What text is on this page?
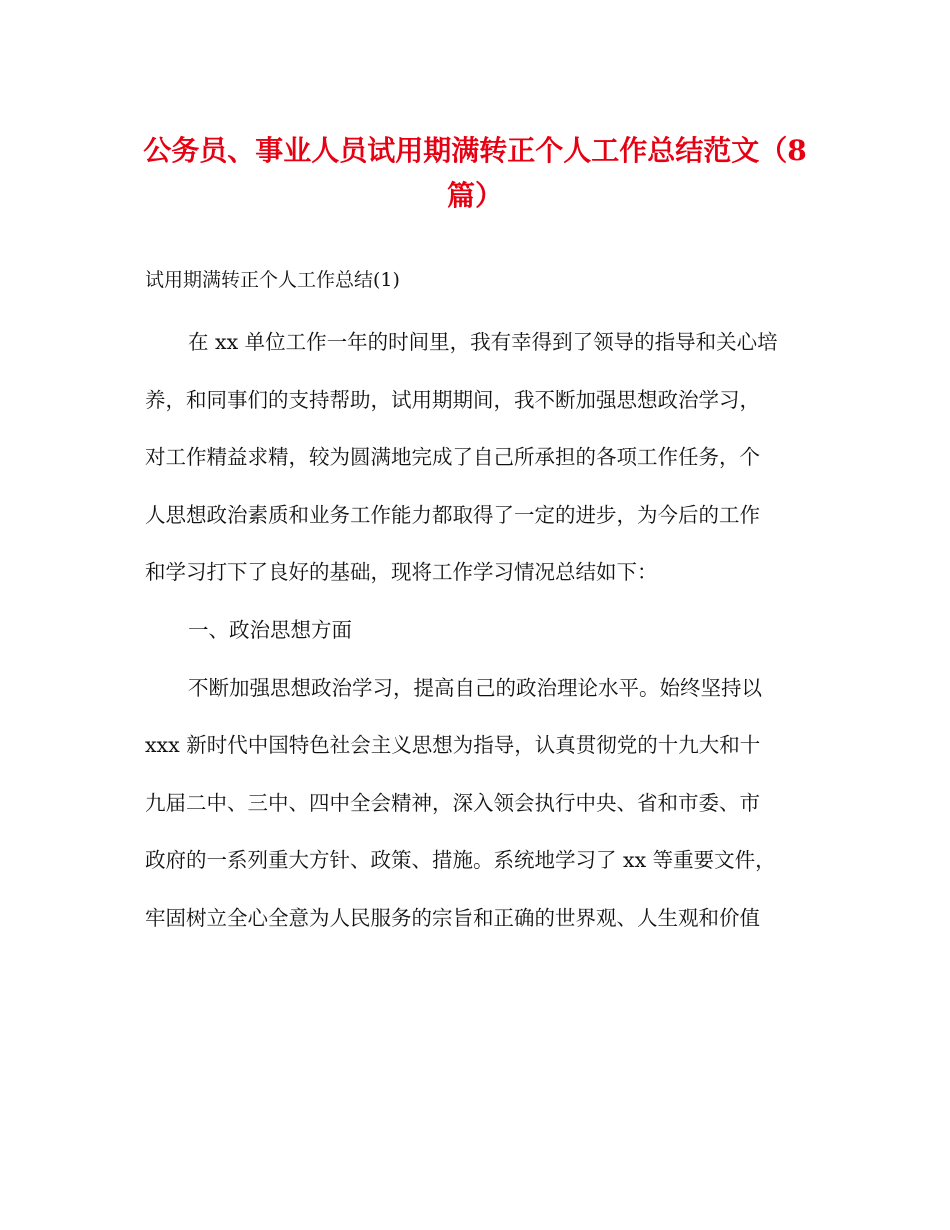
公务员、事业人员试用期满转正个人工作总结范文（8
篇）

试用期满转正个人工作总结(1)

在 xx 单位工作一年的时间里，我有幸得到了领导的指导和关心培
养，和同事们的支持帮助，试用期期间，我不断加强思想政治学习，
对工作精益求精，较为圆满地完成了自己所承担的各项工作任务，个
人思想政治素质和业务工作能力都取得了一定的进步，为今后的工作
和学习打下了良好的基础，现将工作学习情况总结如下：
一、政治思想方面
不断加强思想政治学习，提高自己的政治理论水平。始终坚持以
xxx 新时代中国特色社会主义思想为指导，认真贯彻党的十九大和十
九届二中、三中、四中全会精神，深入领会执行中央、省和市委、市
政府的一系列重大方针、政策、措施。系统地学习了 xx 等重要文件，
牢固树立全心全意为人民服务的宗旨和正确的世界观、人生观和价值
